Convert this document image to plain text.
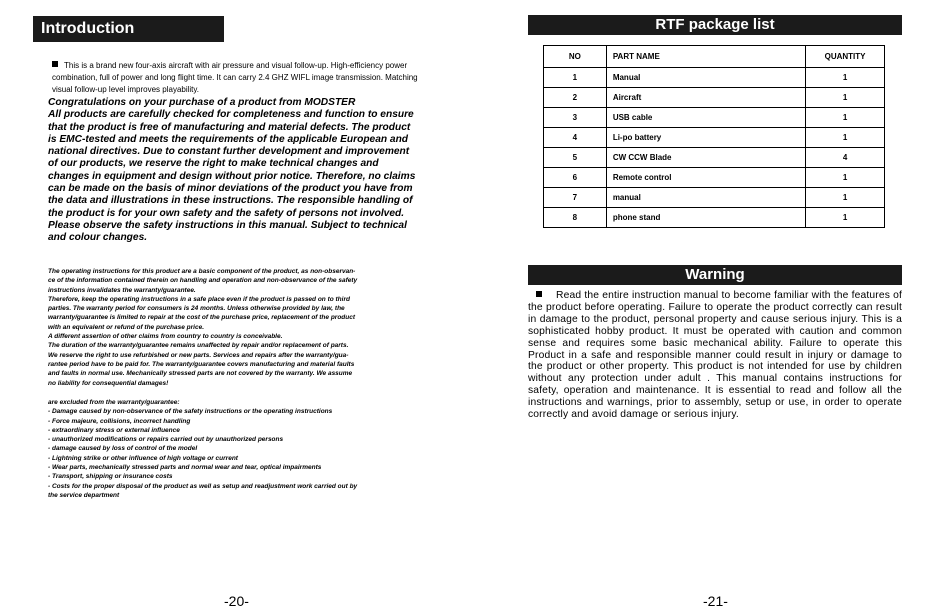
Introduction
This is a brand new four-axis aircraft with air pressure and visual follow-up. High-efficiency power combination, full of power and long flight time. It can carry 2.4 GHZ WIFL image transmission. Matching visual follow-up level improves playability.

Congratulations on your purchase of a product from MODSTER

All products are carefully checked for completeness and function to ensure

that the product is free of manufacturing and material defects. The product

is EMC-tested and meets the requirements of the applicable European and

national directives. Due to constant further development and improvement

of our products, we reserve the right to make technical changes and

changes in equipment and design without prior notice. Therefore, no claims

can be made on the basis of minor deviations of the product you have from

the data and illustrations in these instructions. The responsible handling of

the product is for your own safety and the safety of persons not involved.

Please observe the safety instructions in this manual. Subject to technical

and colour changes.

The operating instructions for this product are a basic component of the product, as non-observan-

ce of the information contained therein on handling and operation and non-observance of the safety

instructions invalidates the warranty/guarantee.

Therefore, keep the operating instructions in a safe place even if the product is passed on to third

parties. The warranty period for consumers is 24 months. Unless otherwise provided by law, the

warranty/guarantee is limited to repair at the cost of the purchase price, replacement of the product

with an equivalent or refund of the purchase price.

A different assertion of other claims from country to country is conceivable.

The duration of the warranty/guarantee remains unaffected by repair and/or replacement of parts.

We reserve the right to use refurbished or new parts. Services and repairs after the warranty/gua-

rantee period have to be paid for. The warranty/guarantee covers manufacturing and material faults

and faults in normal use. Mechanically stressed parts are not covered by the warranty. We assume

no liability for consequential damages!

are excluded from the warranty/guarantee:

- Damage caused by non-observance of the safety instructions or the operating instructions

- Force majeure, collisions, incorrect handling

- extraordinary stress or external influence

- unauthorized modifications or repairs carried out by unauthorized persons

- damage caused by loss of control of the model

- Lightning strike or other influence of high voltage or current

- Wear parts, mechanically stressed parts and normal wear and tear, optical impairments

- Transport, shipping or insurance costs

- Costs for the proper disposal of the product as well as setup and readjustment work carried out by

the service department

-20-
RTF package list
NO	PART NAME	QUANTITY
1	Manual	1
2	Aircraft	1
3	USB cable	1
4	Li-po battery	1
5	CW CCW Blade	4
6	Remote control	1
7	manual	1
8	phone stand	1
Warning
Read the entire instruction manual to become familiar with the features of the product before operating. Failure to operate the product correctly can result in damage to the product, personal property and cause serious injury. This is a sophisticated hobby product. It must be operated with caution and common sense and requires some basic mechanical ability. Failure to operate this Product in a safe and responsible manner could result in injury or damage to the product or other property. This product is not intended for use by children without any protection under adult . This manual contains instructions for safety, operation and maintenance. It is essential to read and follow all the instructions and warnings, prior to assembly, setup or use, in order to operate correctly and avoid damage or serious injury.
-21-
